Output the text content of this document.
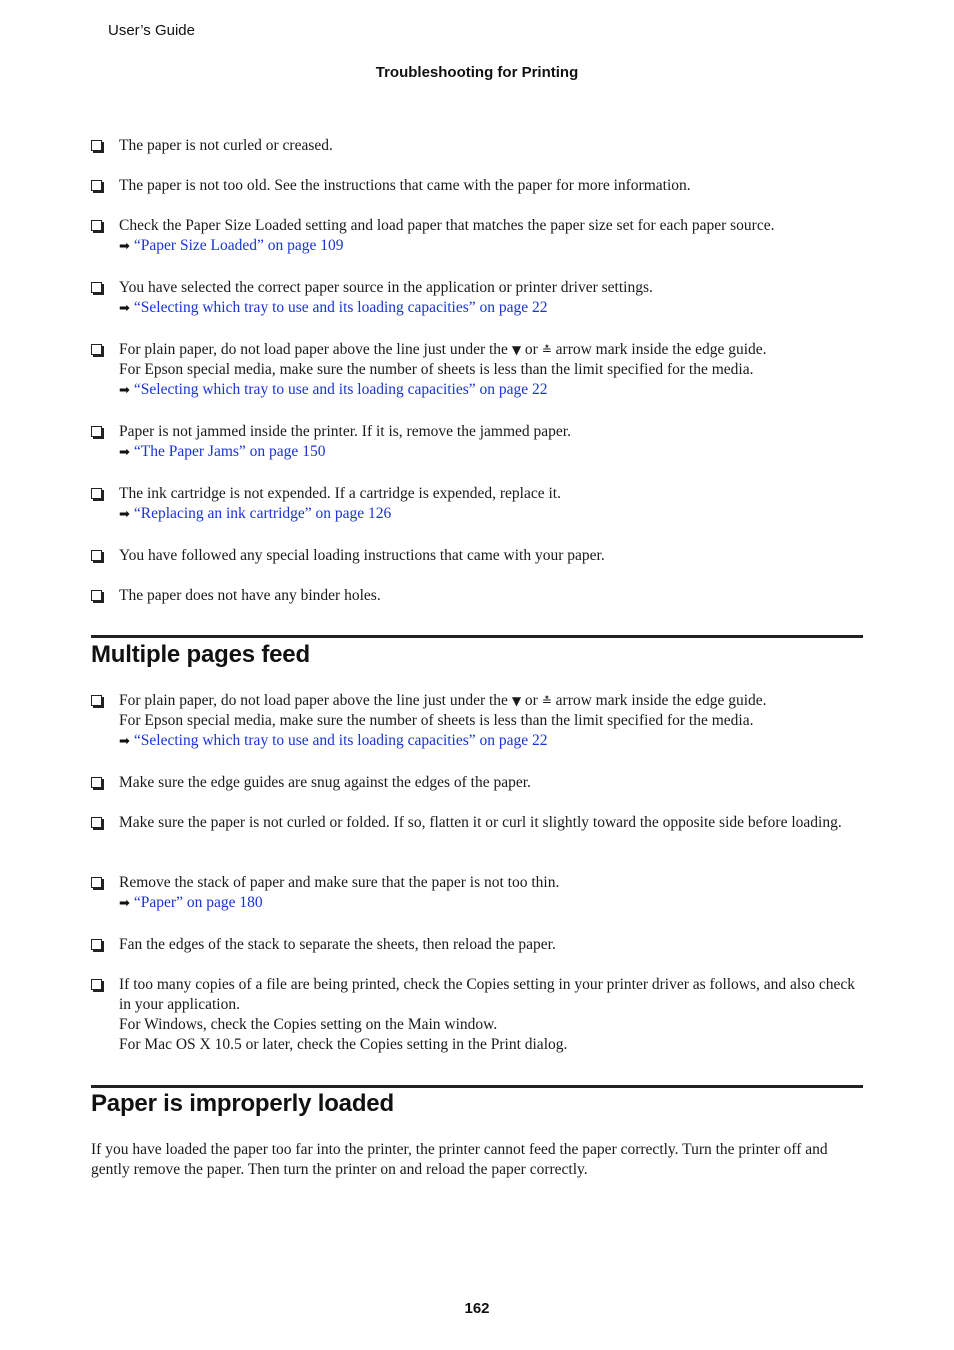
User’s Guide
Troubleshooting for Printing
The paper is not curled or creased.
The paper is not too old. See the instructions that came with the paper for more information.
Check the Paper Size Loaded setting and load paper that matches the paper size set for each paper source.
➡ “Paper Size Loaded” on page 109
You have selected the correct paper source in the application or printer driver settings.
➡ “Selecting which tray to use and its loading capacities” on page 22
For plain paper, do not load paper above the line just under the ▼ or ≛ arrow mark inside the edge guide.
For Epson special media, make sure the number of sheets is less than the limit specified for the media.
➡ “Selecting which tray to use and its loading capacities” on page 22
Paper is not jammed inside the printer. If it is, remove the jammed paper.
➡ “The Paper Jams” on page 150
The ink cartridge is not expended. If a cartridge is expended, replace it.
➡ “Replacing an ink cartridge” on page 126
You have followed any special loading instructions that came with your paper.
The paper does not have any binder holes.
Multiple pages feed
For plain paper, do not load paper above the line just under the ▼ or ≛ arrow mark inside the edge guide.
For Epson special media, make sure the number of sheets is less than the limit specified for the media.
➡ “Selecting which tray to use and its loading capacities” on page 22
Make sure the edge guides are snug against the edges of the paper.
Make sure the paper is not curled or folded. If so, flatten it or curl it slightly toward the opposite side before loading.
Remove the stack of paper and make sure that the paper is not too thin.
➡ “Paper” on page 180
Fan the edges of the stack to separate the sheets, then reload the paper.
If too many copies of a file are being printed, check the Copies setting in your printer driver as follows, and also check in your application.
For Windows, check the Copies setting on the Main window.
For Mac OS X 10.5 or later, check the Copies setting in the Print dialog.
Paper is improperly loaded
If you have loaded the paper too far into the printer, the printer cannot feed the paper correctly. Turn the printer off and gently remove the paper. Then turn the printer on and reload the paper correctly.
162
